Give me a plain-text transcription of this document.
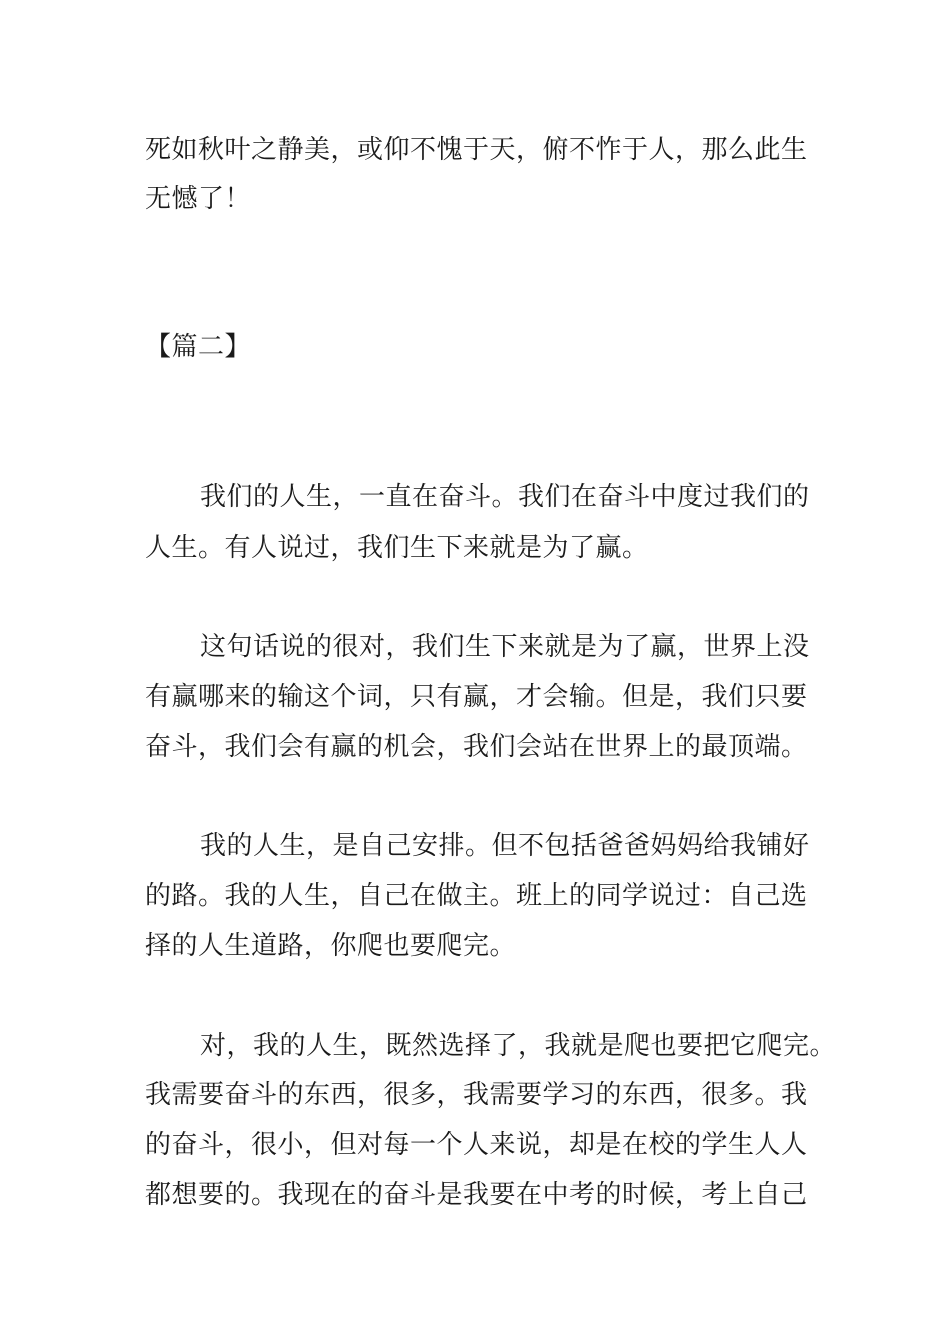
死如秋叶之静美，或仰不愧于天，俯不怍于人，那么此生
无憾了！
【篇二】
我们的人生，一直在奋斗。我们在奋斗中度过我们的
人生。有人说过，我们生下来就是为了赢。
这句话说的很对，我们生下来就是为了赢，世界上没
有赢哪来的输这个词，只有赢，才会输。但是，我们只要
奋斗，我们会有赢的机会，我们会站在世界上的最顶端。
我的人生，是自己安排。但不包括爸爸妈妈给我铺好
的路。我的人生，自己在做主。班上的同学说过：自己选
择的人生道路，你爬也要爬完。
对，我的人生，既然选择了，我就是爬也要把它爬完。
我需要奋斗的东西，很多，我需要学习的东西，很多。我
的奋斗，很小，但对每一个人来说，却是在校的学生人人
都想要的。我现在的奋斗是我要在中考的时候，考上自己
